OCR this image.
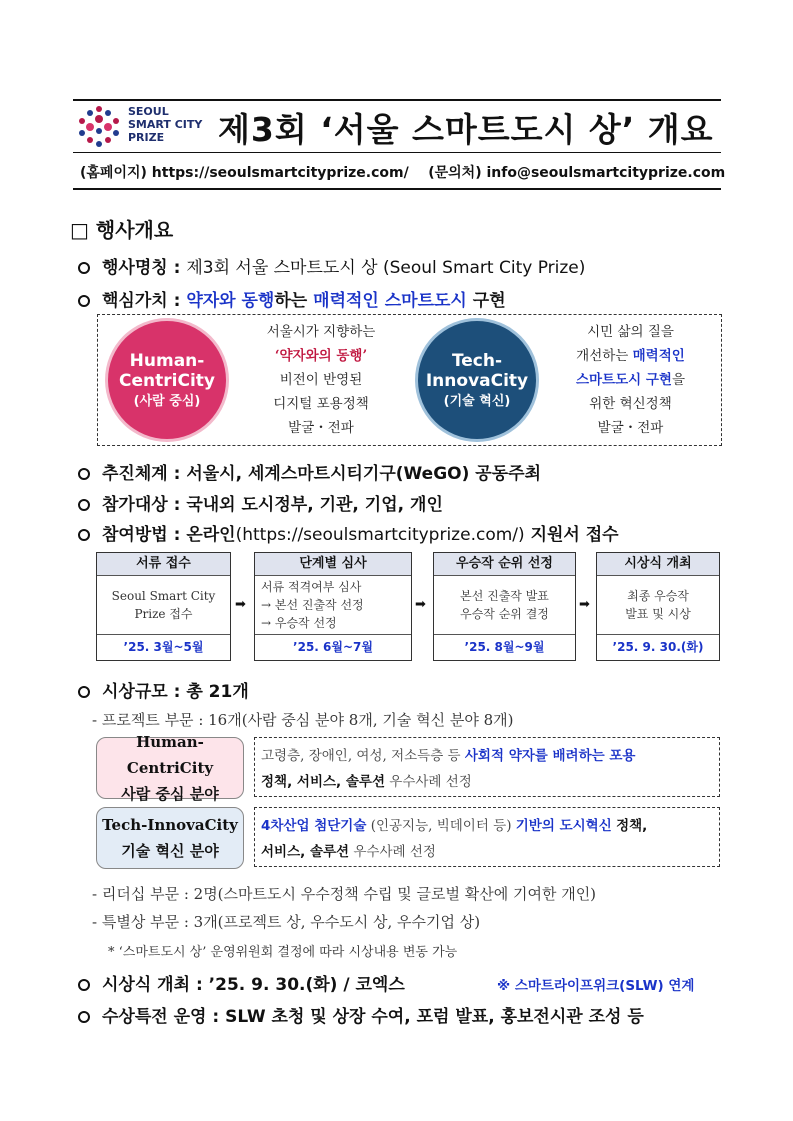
SEOUL
SMART CITY
PRIZE	제3회 ‘서울 스마트도시 상’ 개요
(홈페이지) https://seoulsmartcityprize.com/ (문의처) info@seoulsmartcityprize.com
□ 행사개요
행사명칭 : 제3회 서울 스마트도시 상 (Seoul Smart City Prize)
핵심가치 : 약자와 동행하는 매력적인 스마트도시 구현
Human-
CentriCity
(사람 중심)
서울시가 지향하는
‘약자와의 동행’
비전이 반영된
디지털 포용정책
발굴・전파
Tech-
InnovaCity
(기술 혁신)
시민 삶의 질을
개선하는 매력적인
스마트도시 구현을
위한 혁신정책
발굴・전파
추진체계 : 서울시, 세계스마트시티기구(WeGO) 공동주최
참가대상 : 국내외 도시정부, 기관, 기업, 개인
참여방법 : 온라인(https://seoulsmartcityprize.com/) 지원서 접수
서류 접수
Seoul Smart City
Prize 접수
’25. 3월~5월
➡
단계별 심사
서류 적격여부 심사
→ 본선 진출작 선정
→ 우승작 선정
’25. 6월~7월
➡
우승작 순위 선정
본선 진출작 발표
우승작 순위 결정
’25. 8월~9월
➡
시상식 개최
최종 우승작
발표 및 시상
’25. 9. 30.(화)
시상규모 : 총 21개
- 프로젝트 부문 : 16개(사람 중심 분야 8개, 기술 혁신 분야 8개)
Human-CentriCity
사람 중심 분야
고령층, 장애인, 여성, 저소득층 등 사회적 약자를 배려하는 포용
정책, 서비스, 솔루션 우수사례 선정
Tech-InnovaCity
기술 혁신 분야
4차산업 첨단기술 (인공지능, 빅데이터 등) 기반의 도시혁신 정책,
서비스, 솔루션 우수사례 선정
- 리더십 부문 : 2명(스마트도시 우수정책 수립 및 글로벌 확산에 기여한 개인)
- 특별상 부문 : 3개(프로젝트 상, 우수도시 상, 우수기업 상)
* ‘스마트도시 상’ 운영위원회 결정에 따라 시상내용 변동 가능
시상식 개최 : ’25. 9. 30.(화) / 코엑스	※ 스마트라이프위크(SLW) 연계
수상특전 운영 : SLW 초청 및 상장 수여, 포럼 발표, 홍보전시관 조성 등
